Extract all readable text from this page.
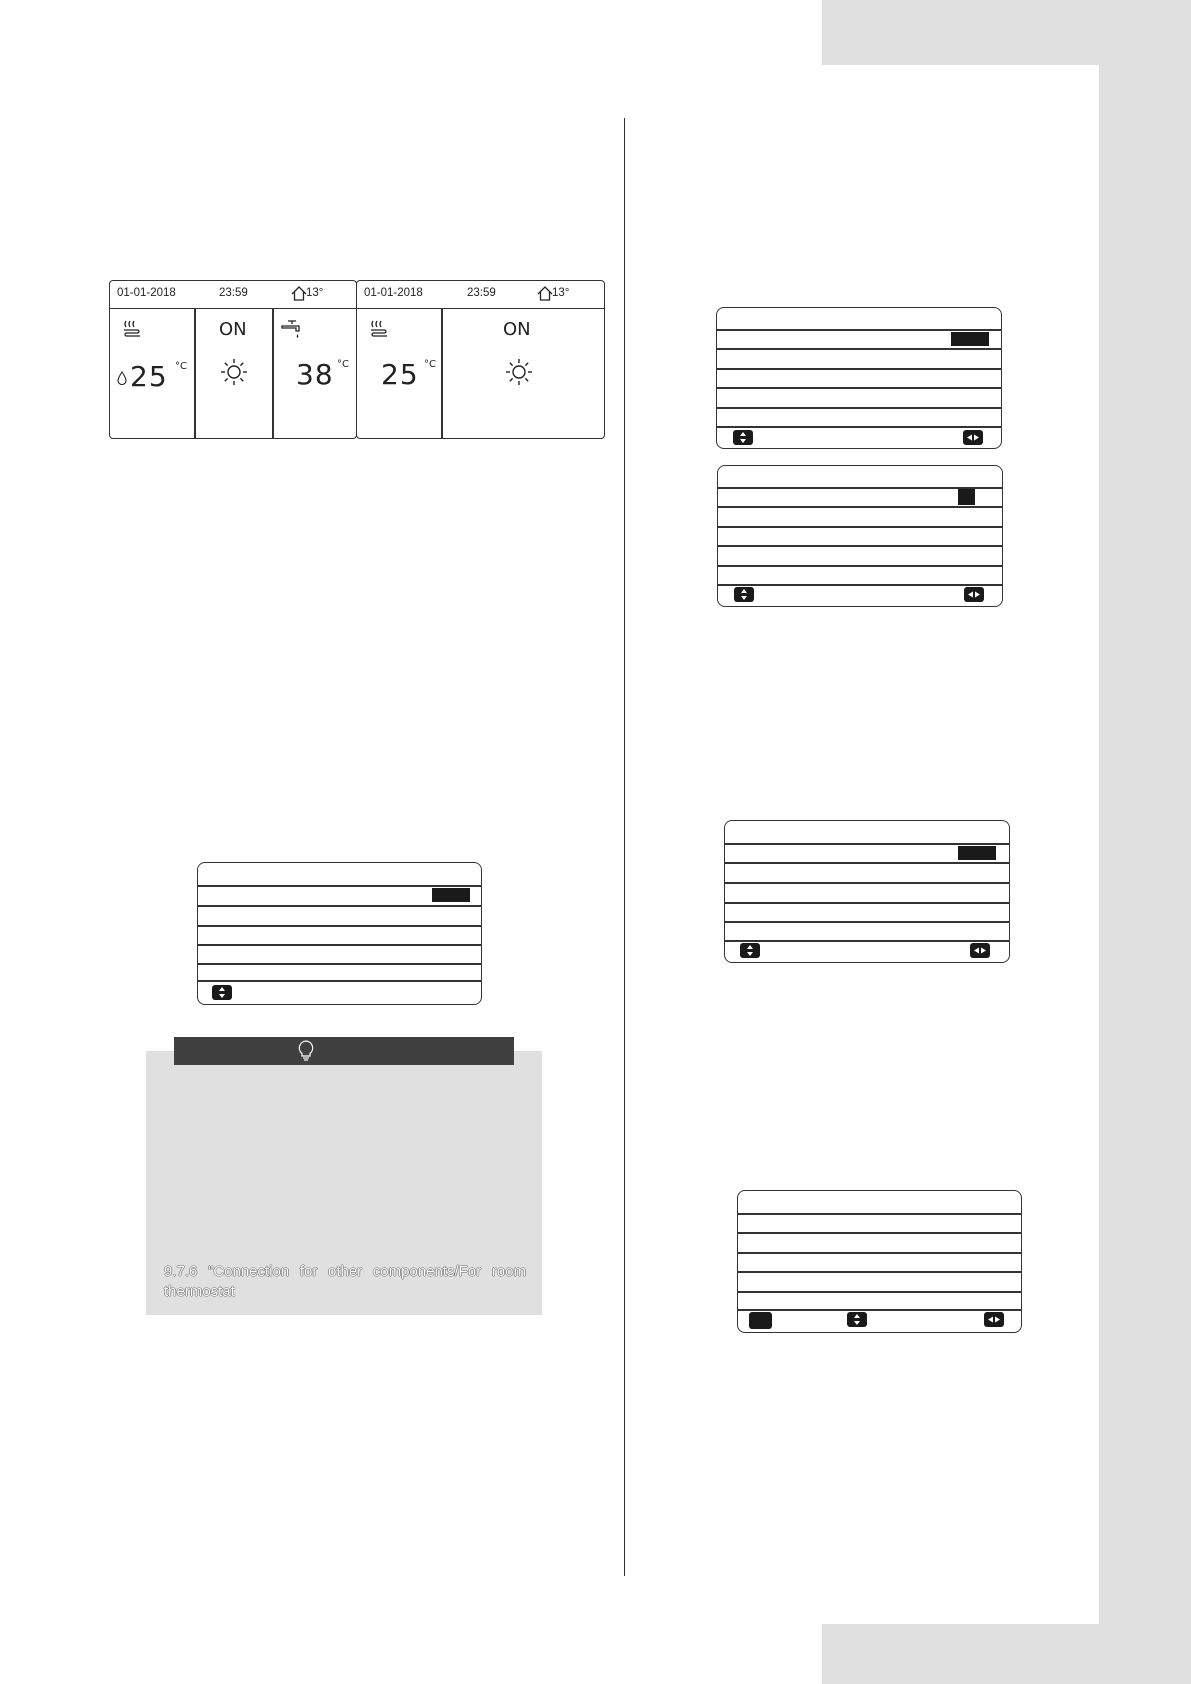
01-01-2018	23:59	13°
25 °C
ON
38 °C
01-01-2018	23:59	13°
25 °C
ON
9.7.6 "Connection for other components/For room thermostat
